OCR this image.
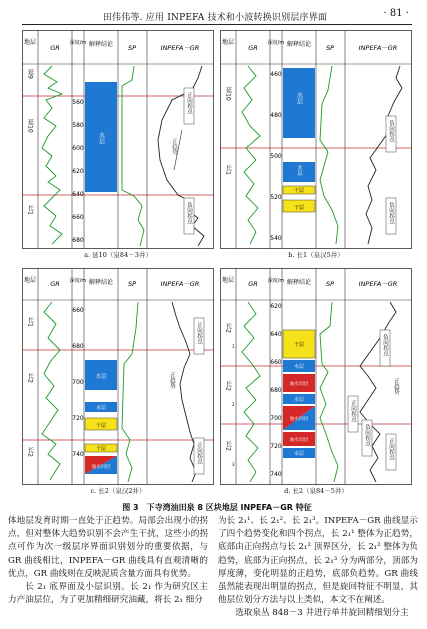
田伟伟等. 应用 INPEFA 技术和小波转换识别层序界面	· 81 ·
地层
GR
深度/m 解释结论 SP	INPEFA－GR
延9
延10
长1
560
580
600
620
640
660
680
水层
正向拐点
正趋势
负向拐点
a. 延10（泉84－3井）
地层
GR
深度/m 解释结论 SP	INPEFA－GR
延10
长1
460
480
500
520
540
水层
水层
干层
干层
负向拐点
负向拐点
b. 长1（泉汉5井）
地层 GR 深度/m 解释结论 SP	INPEFA－GR
长1
长2
长2
660
680
700
720
740
水层
水层
干层
干层
油水同层
正向拐点
正趋势
正向拐点
c. 长2（泉汉2井）
地层 GR 深度/m 解释结论 SP	INPEFA－GR
长2
1
长2
2
长2
3
620
640
660
680
700
720
740
干层
水层
油水同层
水层
油水同层
油水同层
水层
负向拐点
正趋势
正向拐点
负向拐点
正向拐点
d. 长2（泉84－5井）
图 3　下寺湾油田泉 8 区块地层 INPEFA－GR 特征

体地层发育时期一直处于正趋势。局部会出现小的拐点，但对整体大趋势识别不会产生干扰，这些小的拐点可作为次一级层序界面识别划分的重要依据，与 GR 曲线相比，INPEFA－GR 曲线具有直观清晰的优点，GR 曲线则在反映泥质含量方面具有优势。

长 2₁ 底界面及小层识别。长 2₁ 作为研究区主力产油层位，为了更加精细研究油藏，将长 2₁ 细分

为长 2₁¹、长 2₁²、长 2₁³。INPEFA－GR 曲线显示了四个趋势变化和四个拐点，长 2₁¹ 整体为正趋势，底部由正向拐点与长 2₁² 顶界区分，长 2₁² 整体为负趋势，底部为正向拐点，长 2₁³ 分为两部分，顶部为厚度薄，变化明显的正趋势，底部负趋势。GR 曲线虽然能表现出明显的拐点，但是旋回特征不明显，其他层位划分方法与以上类似，本文不在阐述。

选取泉丛 848－3 井进行单井旋回精细划分主
